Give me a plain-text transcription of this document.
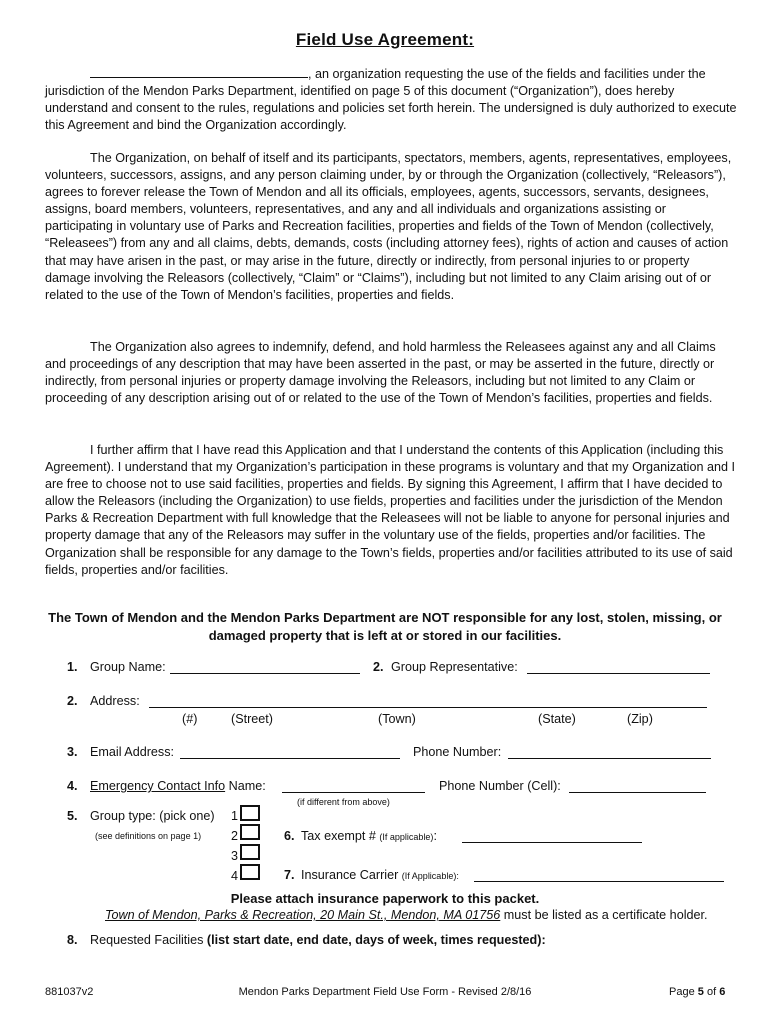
Field Use Agreement:
, an organization requesting the use of the fields and facilities under the jurisdiction of the Mendon Parks Department, identified on page 5 of this document (“Organization”), does hereby understand and consent to the rules, regulations and policies set forth herein. The undersigned is duly authorized to execute this Agreement and bind the Organization accordingly.
The Organization, on behalf of itself and its participants, spectators, members, agents, representatives, employees, volunteers, successors, assigns, and any person claiming under, by or through the Organization (collectively, “Releasors”), agrees to forever release the Town of Mendon and all its officials, employees, agents, successors, servants, designees, assigns, board members, volunteers, representatives, and any and all individuals and organizations assisting or participating in voluntary use of Parks and Recreation facilities, properties and fields of the Town of Mendon (collectively, “Releasees”) from any and all claims, debts, demands, costs (including attorney fees), rights of action and causes of action that may have arisen in the past, or may arise in the future, directly or indirectly, from personal injuries to or property damage involving the Releasors (collectively, “Claim” or “Claims”), including but not limited to any Claim arising out of or related to the use of the Town of Mendon’s facilities, properties and fields.
The Organization also agrees to indemnify, defend, and hold harmless the Releasees against any and all Claims and proceedings of any description that may have been asserted in the past, or may be asserted in the future, directly or indirectly, from personal injuries or property damage involving the Releasors, including but not limited to any Claim or proceeding of any description arising out of or related to the use of the Town of Mendon’s facilities, properties and fields.
I further affirm that I have read this Application and that I understand the contents of this Application (including this Agreement). I understand that my Organization’s participation in these programs is voluntary and that my Organization and I are free to choose not to use said facilities, properties and fields. By signing this Agreement, I affirm that I have decided to allow the Releasors (including the Organization) to use fields, properties and facilities under the jurisdiction of the Mendon Parks & Recreation Department with full knowledge that the Releasees will not be liable to anyone for personal injuries and property damage that any of the Releasors may suffer in the voluntary use of the fields, properties and/or facilities. The Organization shall be responsible for any damage to the Town’s fields, properties and/or facilities attributed to its use of said fields, properties and/or facilities.
The Town of Mendon and the Mendon Parks Department are NOT responsible for any lost, stolen, missing, or damaged property that is left at or stored in our facilities.
1. Group Name:	2. Group Representative:
2. Address:
(#)	(Street)	(Town)	(State)	(Zip)
3. Email Address:	Phone Number:
4. Emergency Contact Info Name:	Phone Number (Cell):
(if different from above)
5. Group type: (pick one)
(see definitions on page 1)
1
2
3
4
6. Tax exempt # (If applicable):
7. Insurance Carrier (If Applicable):
Please attach insurance paperwork to this packet.
Town of Mendon, Parks & Recreation, 20 Main St., Mendon, MA 01756 must be listed as a certificate holder.
8. Requested Facilities (list start date, end date, days of week, times requested):
881037v2	Mendon Parks Department Field Use Form - Revised 2/8/16	Page 5 of 6
